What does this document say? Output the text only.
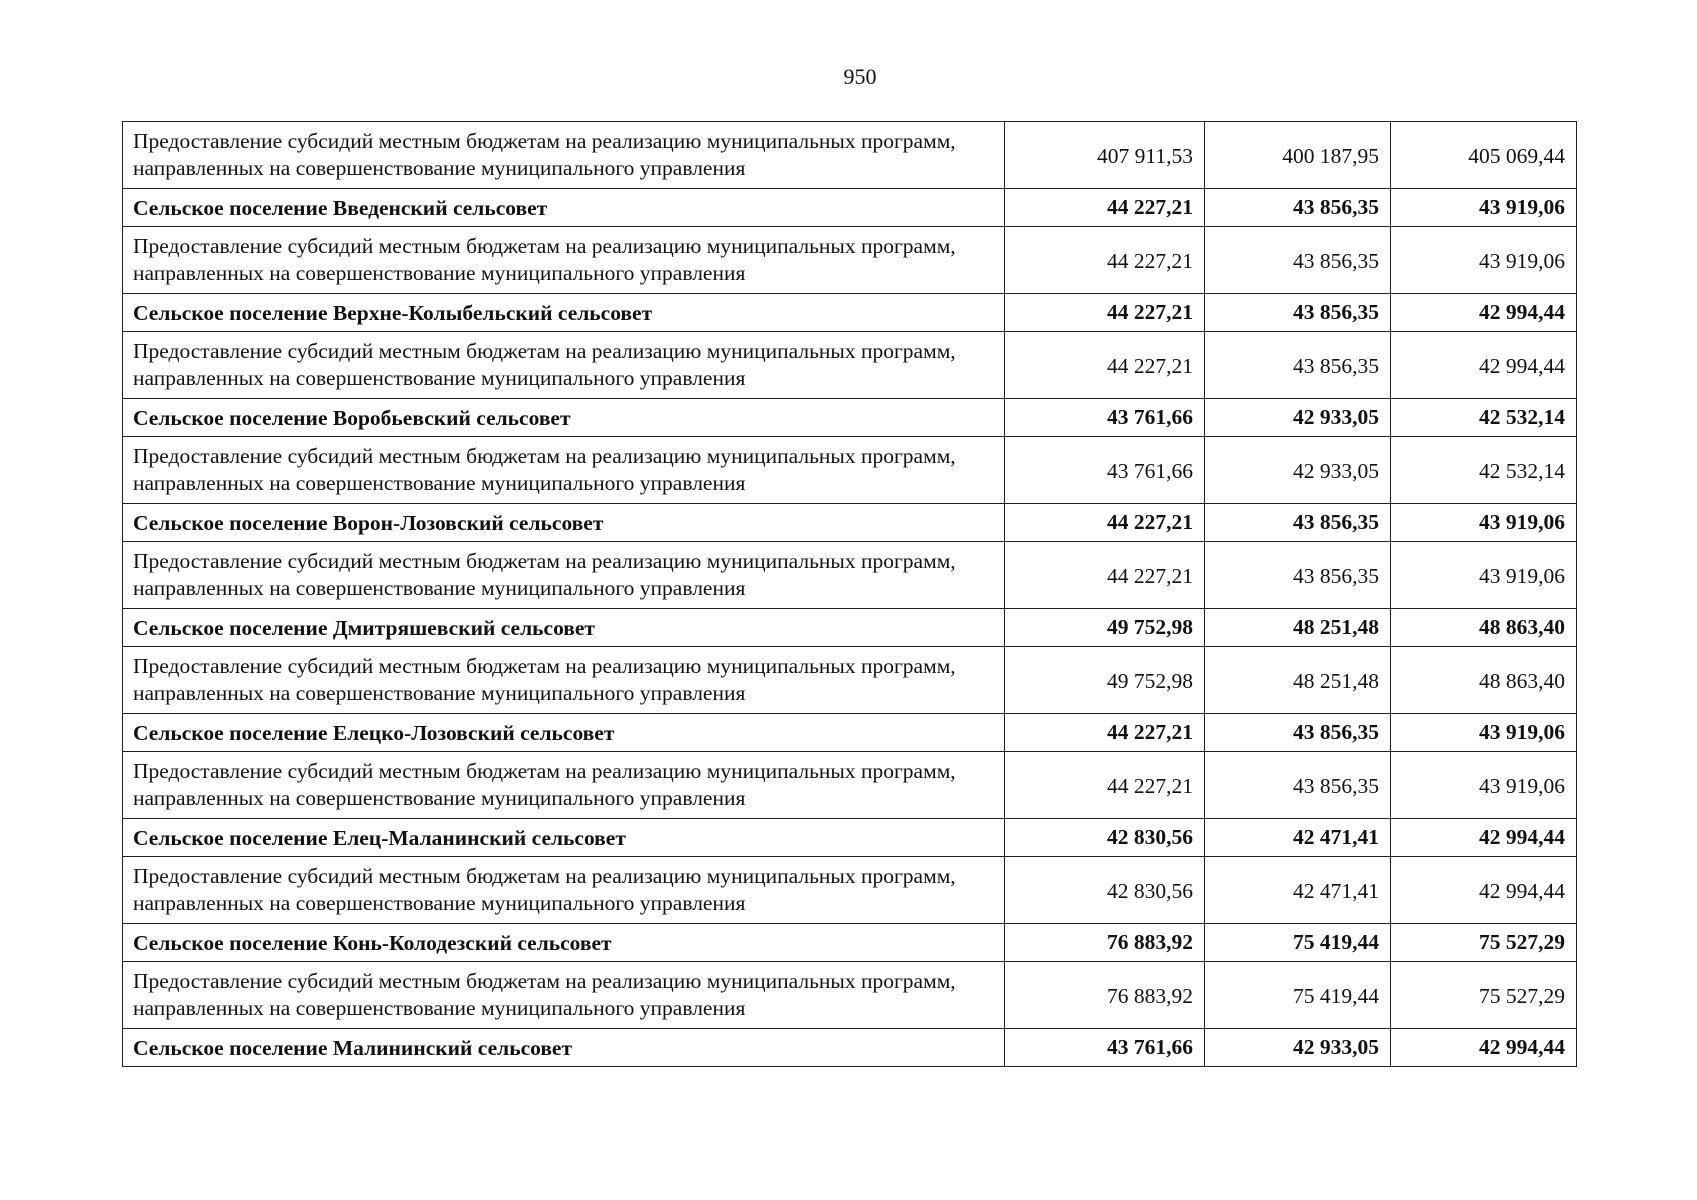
950
Предоставление субсидий местным бюджетам на реализацию муниципальных программ, направленных на совершенствование муниципального управления	407 911,53	400 187,95	405 069,44
Сельское поселение Введенский сельсовет	44 227,21	43 856,35	43 919,06
Предоставление субсидий местным бюджетам на реализацию муниципальных программ, направленных на совершенствование муниципального управления	44 227,21	43 856,35	43 919,06
Сельское поселение Верхне-Колыбельский сельсовет	44 227,21	43 856,35	42 994,44
Предоставление субсидий местным бюджетам на реализацию муниципальных программ, направленных на совершенствование муниципального управления	44 227,21	43 856,35	42 994,44
Сельское поселение Воробьевский сельсовет	43 761,66	42 933,05	42 532,14
Предоставление субсидий местным бюджетам на реализацию муниципальных программ, направленных на совершенствование муниципального управления	43 761,66	42 933,05	42 532,14
Сельское поселение Ворон-Лозовский сельсовет	44 227,21	43 856,35	43 919,06
Предоставление субсидий местным бюджетам на реализацию муниципальных программ, направленных на совершенствование муниципального управления	44 227,21	43 856,35	43 919,06
Сельское поселение Дмитряшевский сельсовет	49 752,98	48 251,48	48 863,40
Предоставление субсидий местным бюджетам на реализацию муниципальных программ, направленных на совершенствование муниципального управления	49 752,98	48 251,48	48 863,40
Сельское поселение Елецко-Лозовский сельсовет	44 227,21	43 856,35	43 919,06
Предоставление субсидий местным бюджетам на реализацию муниципальных программ, направленных на совершенствование муниципального управления	44 227,21	43 856,35	43 919,06
Сельское поселение Елец-Маланинский сельсовет	42 830,56	42 471,41	42 994,44
Предоставление субсидий местным бюджетам на реализацию муниципальных программ, направленных на совершенствование муниципального управления	42 830,56	42 471,41	42 994,44
Сельское поселение Конь-Колодезский сельсовет	76 883,92	75 419,44	75 527,29
Предоставление субсидий местным бюджетам на реализацию муниципальных программ, направленных на совершенствование муниципального управления	76 883,92	75 419,44	75 527,29
Сельское поселение Малининский сельсовет	43 761,66	42 933,05	42 994,44
